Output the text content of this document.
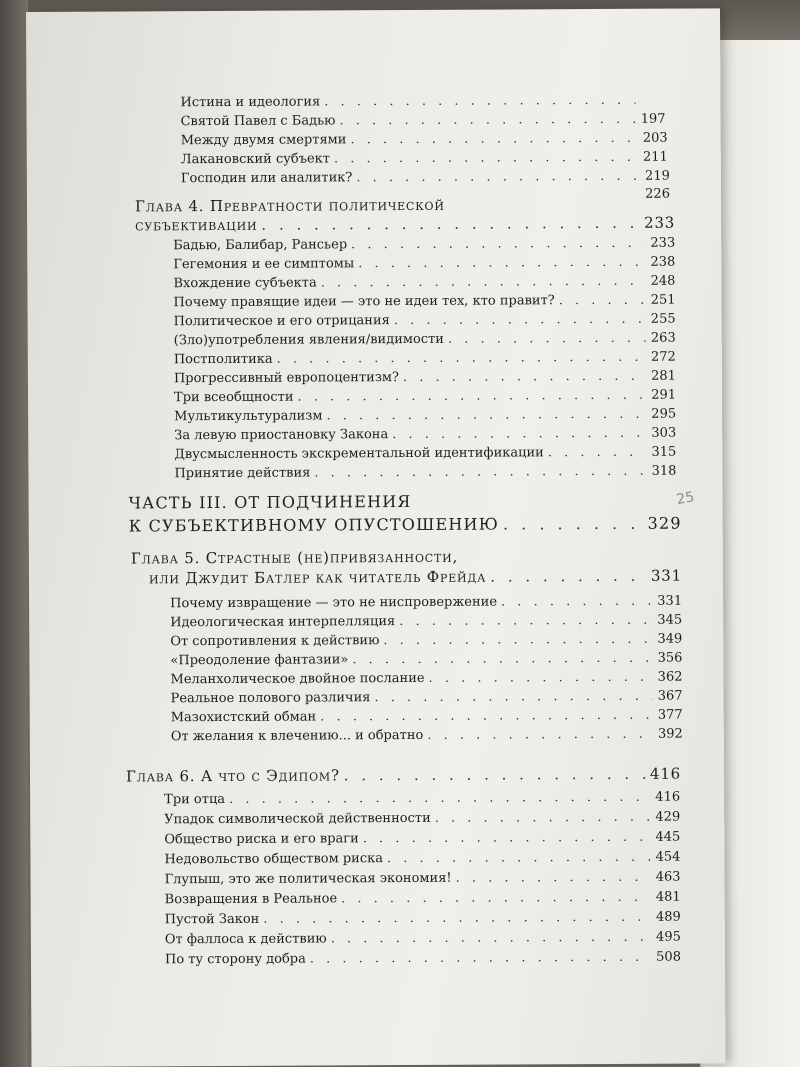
Истина и идеология
. . .
Святой Павел с Бадью . . .	197
Между двумя смертями . . .	203
Лакановский субъект . . .	211
Господин или аналитик? . . .	219
226
Глава 4. Превратности политической
субъективации . . .	233
Бадью, Балибар, Рансьер . . .	233
Гегемония и ее симптомы . . .	238
Вхождение субъекта . . .	248
Почему правящие идеи — это не идеи тех, кто правит? . . .	251
Политическое и его отрицания . . .	255
(Зло)употребления явления/видимости . . .	263
Постполитика . . .	272
Прогрессивный европоцентизм? . . .	281
Три всеобщности . . .	291
Мультикультурализм . . .	295
За левую приостановку Закона . . .	303
Двусмысленность экскрементальной идентификации . . .	315
Принятие действия . . .	318
ЧАСТЬ III. ОТ ПОДЧИНЕНИЯ
К СУБЪЕКТИВНОМУ ОПУСТОШЕНИЮ . . .	329
25
Глава 5. Страстные (не)привязанности,
или Джудит Батлер как читатель Фрейда . . .	331
Почему извращение — это не ниспровержение . . .	331
Идеологическая интерпелляция . . .	345
От сопротивления к действию . . .	349
«Преодоление фантазии» . . .	356
Меланхолическое двойное послание . . .	362
Реальное полового различия . . .	367
Мазохистский обман . . .	377
От желания к влечению... и обратно . . .	392
Глава 6. А что с Эдипом? . . .	416
Три отца . . .	416
Упадок символической действенности . . .	429
Общество риска и его враги . . .	445
Недовольство обществом риска . . .	454
Глупыш, это же политическая экономия! . . .	463
Возвращения в Реальное . . .	481
Пустой Закон . . .	489
От фаллоса к действию . . .	495
По ту сторону добра . . .	508
